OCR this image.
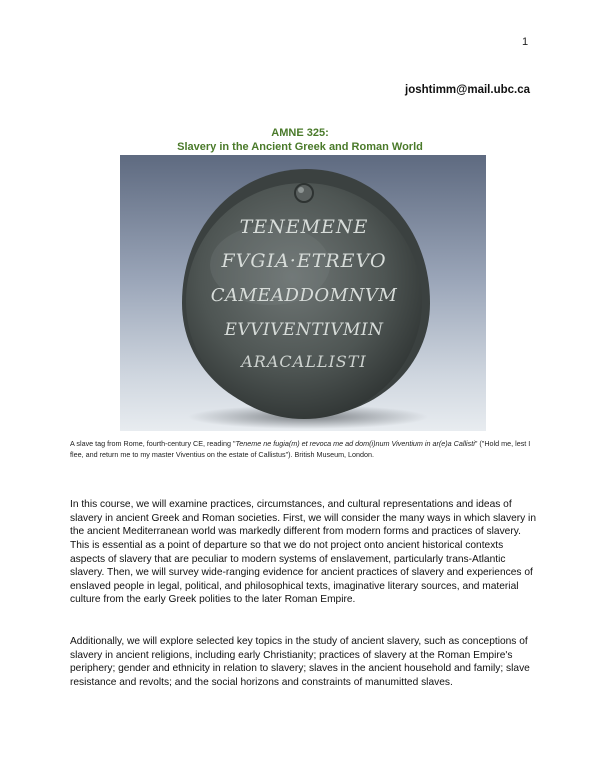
1
joshtimm@mail.ubc.ca
AMNE 325:
Slavery in the Ancient Greek and Roman World
TENEMENE
FVGIA·ETREVO
CAMEADDOMNVM
EVVIVENTIVMIN
ARACALLISTI
A slave tag from Rome, fourth-century CE, reading "Teneme ne fugia(m) et revoca me ad dom(i)num Viventium in ar(e)a Callisti" ("Hold me, lest I flee, and return me to my master Viventius on the estate of Callistus"). British Museum, London.

In this course, we will examine practices, circumstances, and cultural representations and ideas of slavery in ancient Greek and Roman societies. First, we will consider the many ways in which slavery in the ancient Mediterranean world was markedly different from modern forms and practices of slavery. This is essential as a point of departure so that we do not project onto ancient historical contexts aspects of slavery that are peculiar to modern systems of enslavement, particularly trans-Atlantic slavery. Then, we will survey wide-ranging evidence for ancient practices of slavery and experiences of enslaved people in legal, political, and philosophical texts, imaginative literary sources, and material culture from the early Greek polities to the later Roman Empire.

Additionally, we will explore selected key topics in the study of ancient slavery, such as conceptions of slavery in ancient religions, including early Christianity; practices of slavery at the Roman Empire's periphery; gender and ethnicity in relation to slavery; slaves in the ancient household and family; slave resistance and revolts; and the social horizons and constraints of manumitted slaves.
